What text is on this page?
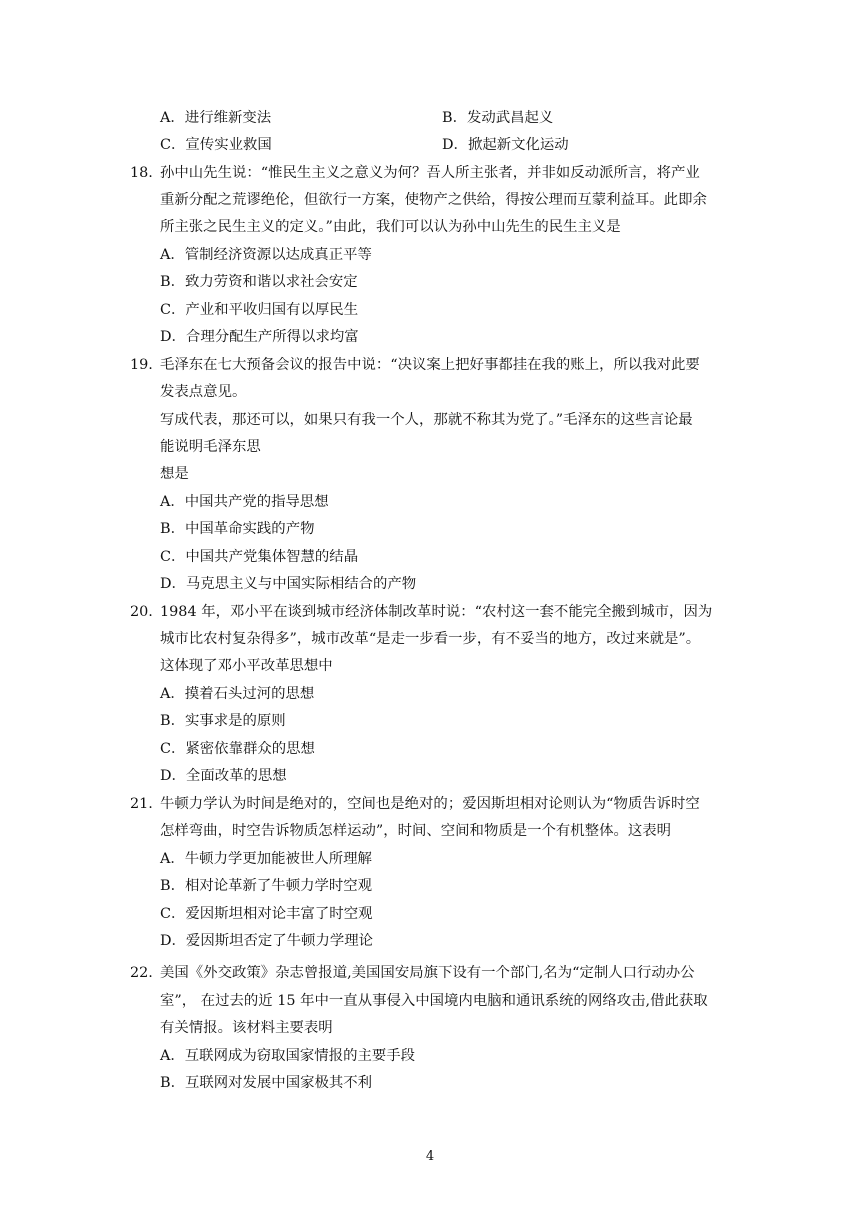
A．进行维新变法	B．发动武昌起义
C．宣传实业救国	D．掀起新文化运动
18. 孙中山先生说：“惟民生主义之意义为何？吾人所主张者，并非如反动派所言，将产业
重新分配之荒谬绝伦，但欲行一方案，使物产之供给，得按公理而互蒙利益耳。此即余
所主张之民生主义的定义。”由此，我们可以认为孙中山先生的民生主义是
A．管制经济资源以达成真正平等
B．致力劳资和谐以求社会安定
C．产业和平收归国有以厚民生
D．合理分配生产所得以求均富
19. 毛泽东在七大预备会议的报告中说：“决议案上把好事都挂在我的账上，所以我对此要
发表点意见。
写成代表，那还可以，如果只有我一个人，那就不称其为党了。”毛泽东的这些言论最
能说明毛泽东思
想是
A．中国共产党的指导思想
B．中国革命实践的产物
C．中国共产党集体智慧的结晶
D．马克思主义与中国实际相结合的产物
20. 1984 年，邓小平在谈到城市经济体制改革时说：“农村这一套不能完全搬到城市，因为
城市比农村复杂得多”，城市改革“是走一步看一步，有不妥当的地方，改过来就是”。
这体现了邓小平改革思想中
A．摸着石头过河的思想
B．实事求是的原则
C．紧密依靠群众的思想
D．全面改革的思想
21. 牛顿力学认为时间是绝对的，空间也是绝对的；爱因斯坦相对论则认为“物质告诉时空
怎样弯曲，时空告诉物质怎样运动”，时间、空间和物质是一个有机整体。这表明
A．牛顿力学更加能被世人所理解
B．相对论革新了牛顿力学时空观
C．爱因斯坦相对论丰富了时空观
D．爱因斯坦否定了牛顿力学理论
22. 美国《外交政策》杂志曾报道,美国国安局旗下设有一个部门,名为“定制人口行动办公
室”， 在过去的近 15 年中一直从事侵入中国境内电脑和通讯系统的网络攻击,借此获取
有关情报。该材料主要表明
A．互联网成为窃取国家情报的主要手段
B．互联网对发展中国家极其不利
4
